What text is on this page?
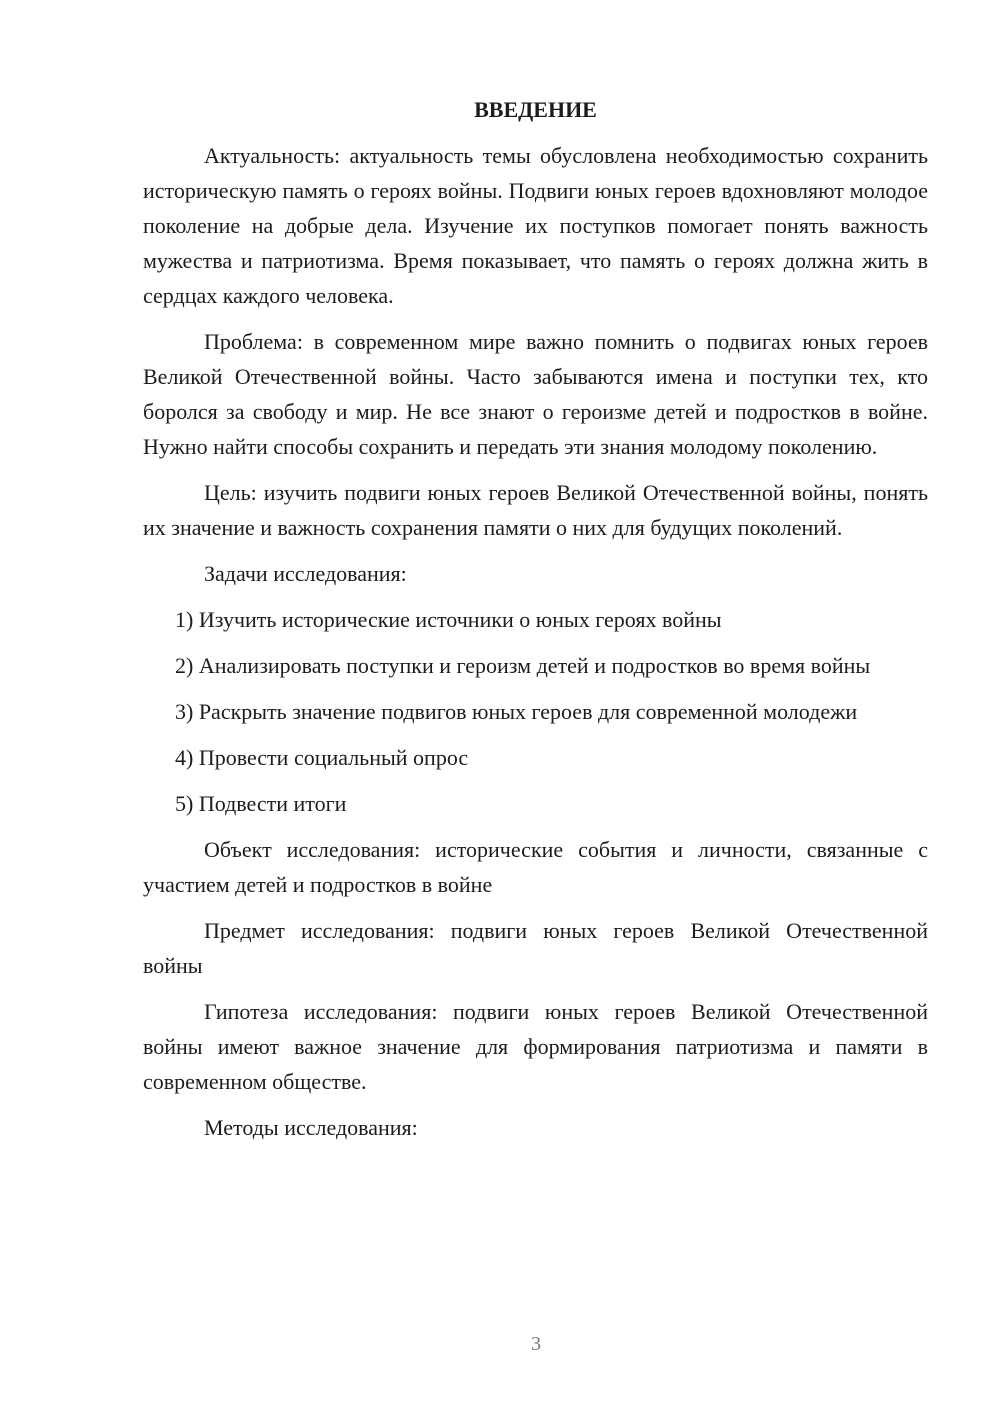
ВВЕДЕНИЕ

Актуальность: актуальность темы обусловлена необходимостью сохранить историческую память о героях войны. Подвиги юных героев вдохновляют молодое поколение на добрые дела. Изучение их поступков помогает понять важность мужества и патриотизма. Время показывает, что память о героях должна жить в сердцах каждого человека.

Проблема: в современном мире важно помнить о подвигах юных героев Великой Отечественной войны. Часто забываются имена и поступки тех, кто боролся за свободу и мир. Не все знают о героизме детей и подростков в войне. Нужно найти способы сохранить и передать эти знания молодому поколению.

Цель: изучить подвиги юных героев Великой Отечественной войны, понять их значение и важность сохранения памяти о них для будущих поколений.

Задачи исследования:

1) Изучить исторические источники о юных героях войны

2) Анализировать поступки и героизм детей и подростков во время войны

3) Раскрыть значение подвигов юных героев для современной молодежи

4) Провести социальный опрос

5) Подвести итоги

Объект исследования: исторические события и личности, связанные с участием детей и подростков в войне

Предмет исследования: подвиги юных героев Великой Отечественной войны

Гипотеза исследования: подвиги юных героев Великой Отечественной войны имеют важное значение для формирования патриотизма и памяти в современном обществе.

Методы исследования:

3
